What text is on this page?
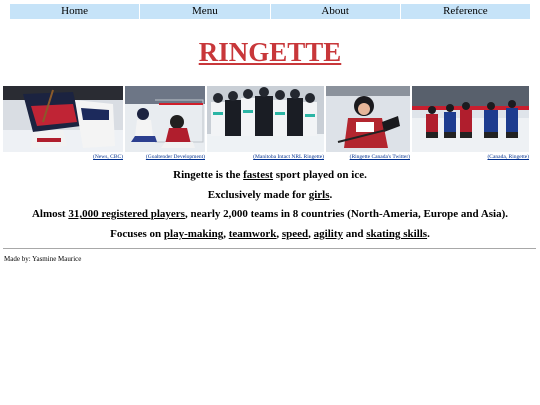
Home	Menu	About	Reference
RINGETTE
(News, CBC)	(Goaltender Development)	(Manitoba Intact NRL Ringette)	(Ringette Canada's Twitter)	(Canada, Ringette)
Ringette is the fastest sport played on ice.
Exclusively made for girls.
Almost 31,000 registered players, nearly 2,000 teams in 8 countries (North-Ameria, Europe and Asia).
Focuses on play-making, teamwork, speed, agility and skating skills.
Made by: Yasmine Maurice
